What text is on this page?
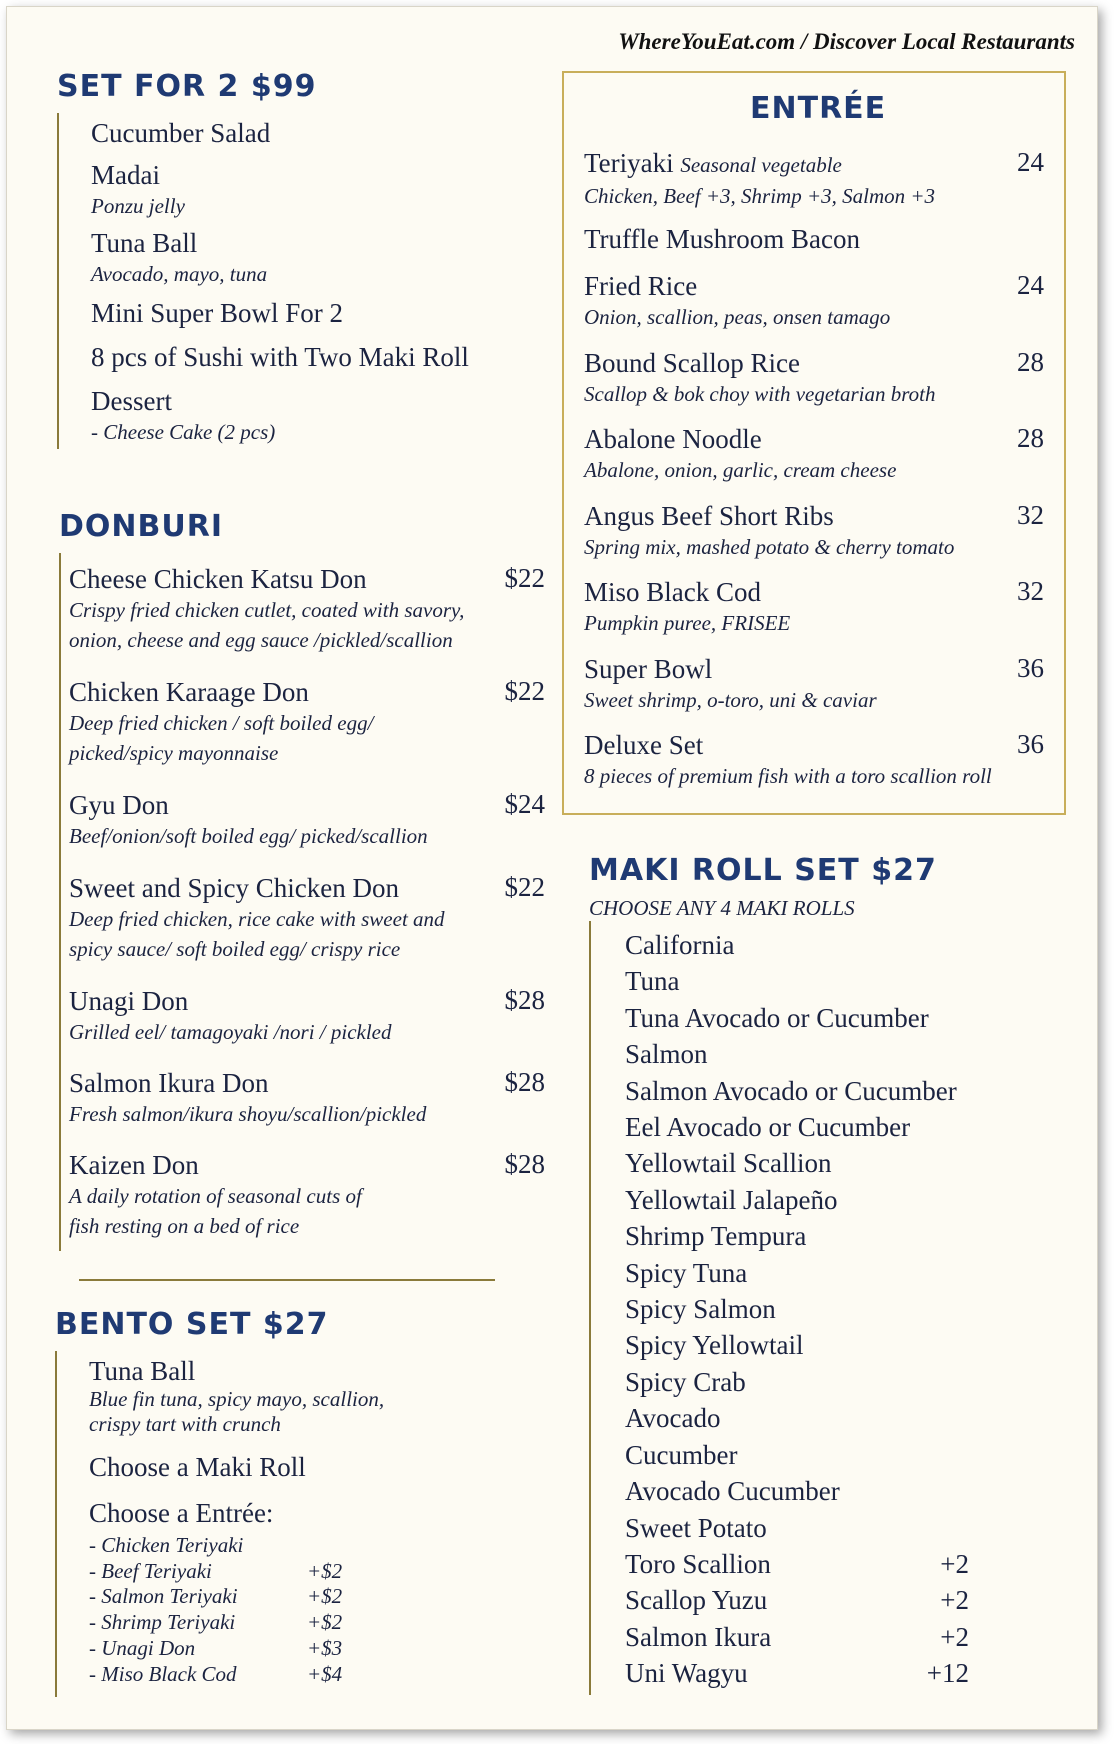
WhereYouEat.com / Discover Local Restaurants
SET FOR 2 $99
Cucumber Salad
Madai
Ponzu jelly
Tuna Ball
Avocado, mayo, tuna
Mini Super Bowl For 2
8 pcs of Sushi with Two Maki Roll
Dessert
- Cheese Cake (2 pcs)
DONBURI
Cheese Chicken Katsu Don	$22
Crispy fried chicken cutlet, coated with savory,
onion, cheese and egg sauce /pickled/scallion
Chicken Karaage Don	$22
Deep fried chicken / soft boiled egg/
picked/spicy mayonnaise
Gyu Don	$24
Beef/onion/soft boiled egg/ picked/scallion
Sweet and Spicy Chicken Don	$22
Deep fried chicken, rice cake with sweet and
spicy sauce/ soft boiled egg/ crispy rice
Unagi Don	$28
Grilled eel/ tamagoyaki /nori / pickled
Salmon Ikura Don	$28
Fresh salmon/ikura shoyu/scallion/pickled
Kaizen Don	$28
A daily rotation of seasonal cuts of
fish resting on a bed of rice
BENTO SET $27
Tuna Ball
Blue fin tuna, spicy mayo, scallion,
crispy tart with crunch
Choose a Maki Roll
Choose a Entrée:
- Chicken Teriyaki
- Beef Teriyaki	+$2
- Salmon Teriyaki	+$2
- Shrimp Teriyaki	+$2
- Unagi Don	+$3
- Miso Black Cod	+$4
ENTRÉE
Teriyaki Seasonal vegetable	24
Chicken, Beef +3, Shrimp +3, Salmon +3
Truffle Mushroom Bacon
Fried Rice	24
Onion, scallion, peas, onsen tamago
Bound Scallop Rice	28
Scallop & bok choy with vegetarian broth
Abalone Noodle	28
Abalone, onion, garlic, cream cheese
Angus Beef Short Ribs	32
Spring mix, mashed potato & cherry tomato
Miso Black Cod	32
Pumpkin puree, FRISEE
Super Bowl	36
Sweet shrimp, o-toro, uni & caviar
Deluxe Set	36
8 pieces of premium fish with a toro scallion roll
MAKI ROLL SET $27
CHOOSE ANY 4 MAKI ROLLS
California
Tuna
Tuna Avocado or Cucumber
Salmon
Salmon Avocado or Cucumber
Eel Avocado or Cucumber
Yellowtail Scallion
Yellowtail Jalapeño
Shrimp Tempura
Spicy Tuna
Spicy Salmon
Spicy Yellowtail
Spicy Crab
Avocado
Cucumber
Avocado Cucumber
Sweet Potato
Toro Scallion	+2
Scallop Yuzu	+2
Salmon Ikura	+2
Uni Wagyu	+12
